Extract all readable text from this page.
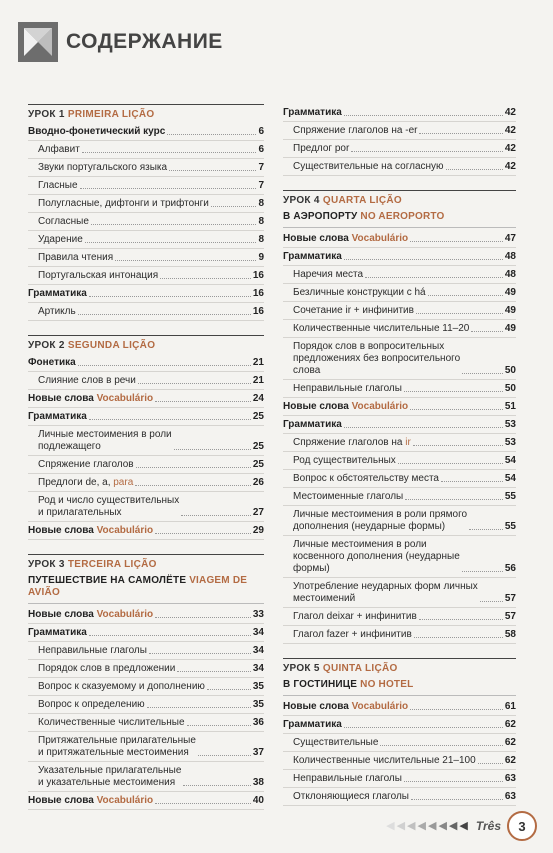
СОДЕРЖАНИЕ
УРОК 1 PRIMEIRA LIÇÃO
Вводно-фонетический курс	6
Алфавит	6
Звуки португальского языка	7
Гласные	7
Полугласные, дифтонги и трифтонги	8
Согласные	8
Ударение	8
Правила чтения	9
Португальская интонация	16
Грамматика	16
Артикль	16
УРОК 2 SEGUNDA LIÇÃO
Фонетика	21
Слияние слов в речи	21
Новые слова Vocabulário	24
Грамматика	25
Личные местоимения в роли
подлежащего	25
Спряжение глаголов	25
Предлоги de, a, para	26
Род и число существительных
и прилагательных	27
Новые слова Vocabulário	29
УРОК 3 TERCEIRA LIÇÃO
ПУТЕШЕСТВИЕ НА САМОЛЁТЕ VIAGEM DE AVIÃO
Новые слова Vocabulário	33
Грамматика	34
Неправильные глаголы	34
Порядок слов в предложении	34
Вопрос к сказуемому и дополнению	35
Вопрос к определению	35
Количественные числительные	36
Притяжательные прилагательные
и притяжательные местоимения	37
Указательные прилагательные
и указательные местоимения	38
Новые слова Vocabulário	40
Грамматика	42
Спряжение глаголов на -er	42
Предлог por	42
Существительные на согласную	42
УРОК 4 QUARTA LIÇÃO
В АЭРОПОРТУ NO AEROPORTO
Новые слова Vocabulário	47
Грамматика	48
Наречия места	48
Безличные конструкции с há	49
Сочетание ir + инфинитив	49
Количественные числительные 11–20	49
Порядок слов в вопросительных
предложениях без вопросительного
слова	50
Неправильные глаголы	50
Новые слова Vocabulário	51
Грамматика	53
Спряжение глаголов на ir	53
Род существительных	54
Вопрос к обстоятельству места	54
Местоименные глаголы	55
Личные местоимения в роли прямого
дополнения (неударные формы)	55
Личные местоимения в роли
косвенного дополнения (неударные
формы)	56
Употребление неударных форм личных
местоимений	57
Глагол deixar + инфинитив	57
Глагол fazer + инфинитив	58
УРОК 5 QUINTA LIÇÃO
В ГОСТИНИЦЕ NO HOTEL
Новые слова Vocabulário	61
Грамматика	62
Существительные	62
Количественные числительные 21–100	62
Неправильные глаголы	63
Отклоняющиеся глаголы	63
◀ ◀ ◀ ◀ ◀ ◀ ◀ ◀ Três	3
